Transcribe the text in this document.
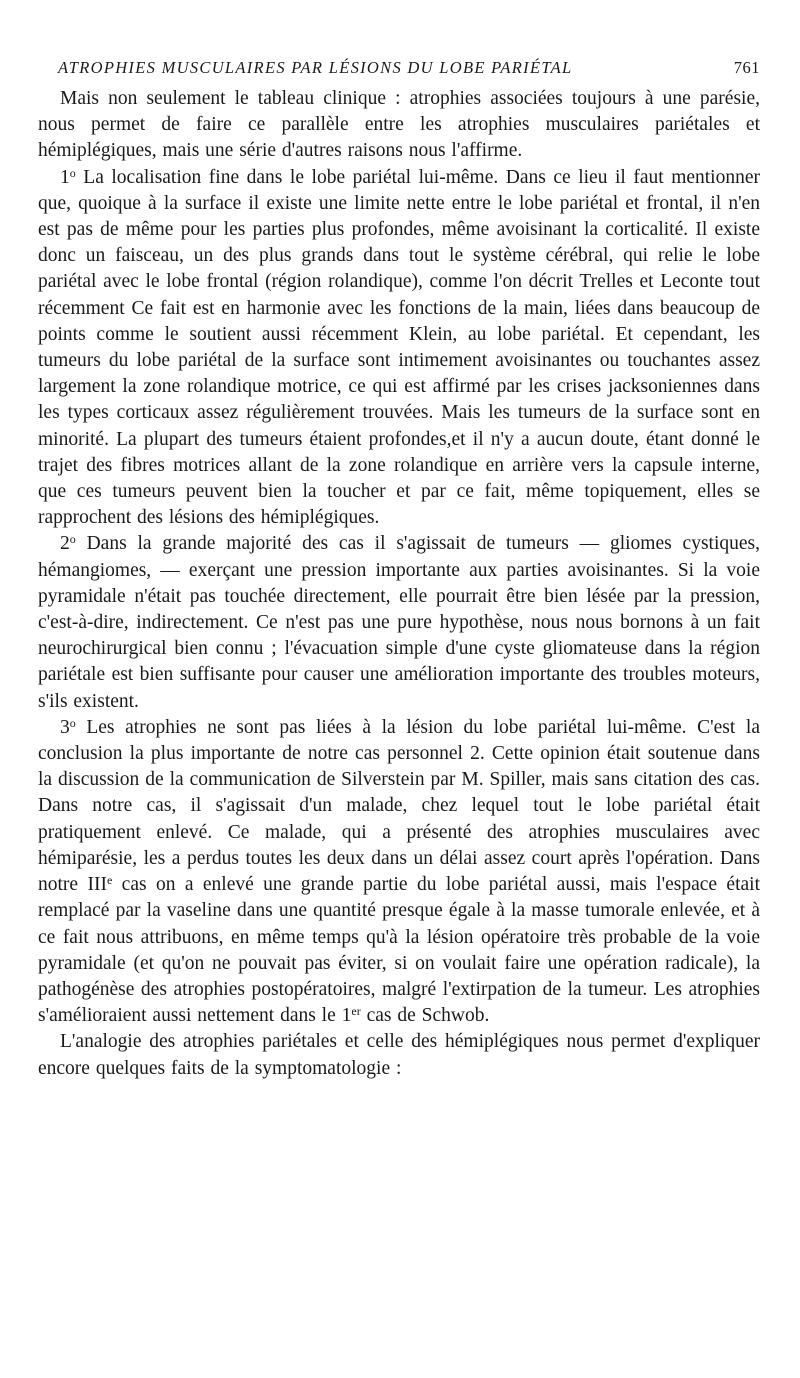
ATROPHIES MUSCULAIRES PAR LÉSIONS DU LOBE PARIÉTAL	761

Mais non seulement le tableau clinique : atrophies associées toujours à une parésie, nous permet de faire ce parallèle entre les atrophies musculaires pariétales et hémiplégiques, mais une série d'autres raisons nous l'affirme.

1$^o$ La localisation fine dans le lobe pariétal lui-même. Dans ce lieu il faut mentionner que, quoique à la surface il existe une limite nette entre le lobe pariétal et frontal, il n'en est pas de même pour les parties plus profondes, même avoisinant la corticalité. Il existe donc un faisceau, un des plus grands dans tout le système cérébral, qui relie le lobe pariétal avec le lobe frontal (région rolandique), comme l'on décrit Trelles et Leconte tout récemment Ce fait est en harmonie avec les fonctions de la main, liées dans beaucoup de points comme le soutient aussi récemment Klein, au lobe pariétal. Et cependant, les tumeurs du lobe pariétal de la surface sont intimement avoisinantes ou touchantes assez largement la zone rolandique motrice, ce qui est affirmé par les crises jacksoniennes dans les types corticaux assez régulièrement trouvées. Mais les tumeurs de la surface sont en minorité. La plupart des tumeurs étaient profondes,et il n'y a aucun doute, étant donné le trajet des fibres motrices allant de la zone rolandique en arrière vers la capsule interne, que ces tumeurs peuvent bien la toucher et par ce fait, même topiquement, elles se rapprochent des lésions des hémiplégiques.

2$^o$ Dans la grande majorité des cas il s'agissait de tumeurs — gliomes cystiques, hémangiomes, — exerçant une pression importante aux parties avoisinantes. Si la voie pyramidale n'était pas touchée directement, elle pourrait être bien lésée par la pression, c'est-à-dire, indirectement. Ce n'est pas une pure hypothèse, nous nous bornons à un fait neurochirurgical bien connu ; l'évacuation simple d'une cyste gliomateuse dans la région pariétale est bien suffisante pour causer une amélioration importante des troubles moteurs, s'ils existent.

3$^o$ Les atrophies ne sont pas liées à la lésion du lobe pariétal lui-même. C'est la conclusion la plus importante de notre cas personnel 2. Cette opinion était soutenue dans la discussion de la communication de Silverstein par M. Spiller, mais sans citation des cas. Dans notre cas, il s'agissait d'un malade, chez lequel tout le lobe pariétal était pratiquement enlevé. Ce malade, qui a présenté des atrophies musculaires avec hémiparésie, les a perdus toutes les deux dans un délai assez court après l'opération. Dans notre IIIe cas on a enlevé une grande partie du lobe pariétal aussi, mais l'espace était remplacé par la vaseline dans une quantité presque égale à la masse tumorale enlevée, et à ce fait nous attribuons, en même temps qu'à la lésion opératoire très probable de la voie pyramidale (et qu'on ne pouvait pas éviter, si on voulait faire une opération radicale), la pathogénèse des atrophies postopératoires, malgré l'extirpation de la tumeur. Les atrophies s'amélioraient aussi nettement dans le 1er cas de Schwob.

L'analogie des atrophies pariétales et celle des hémiplégiques nous permet d'expliquer encore quelques faits de la symptomatologie :
